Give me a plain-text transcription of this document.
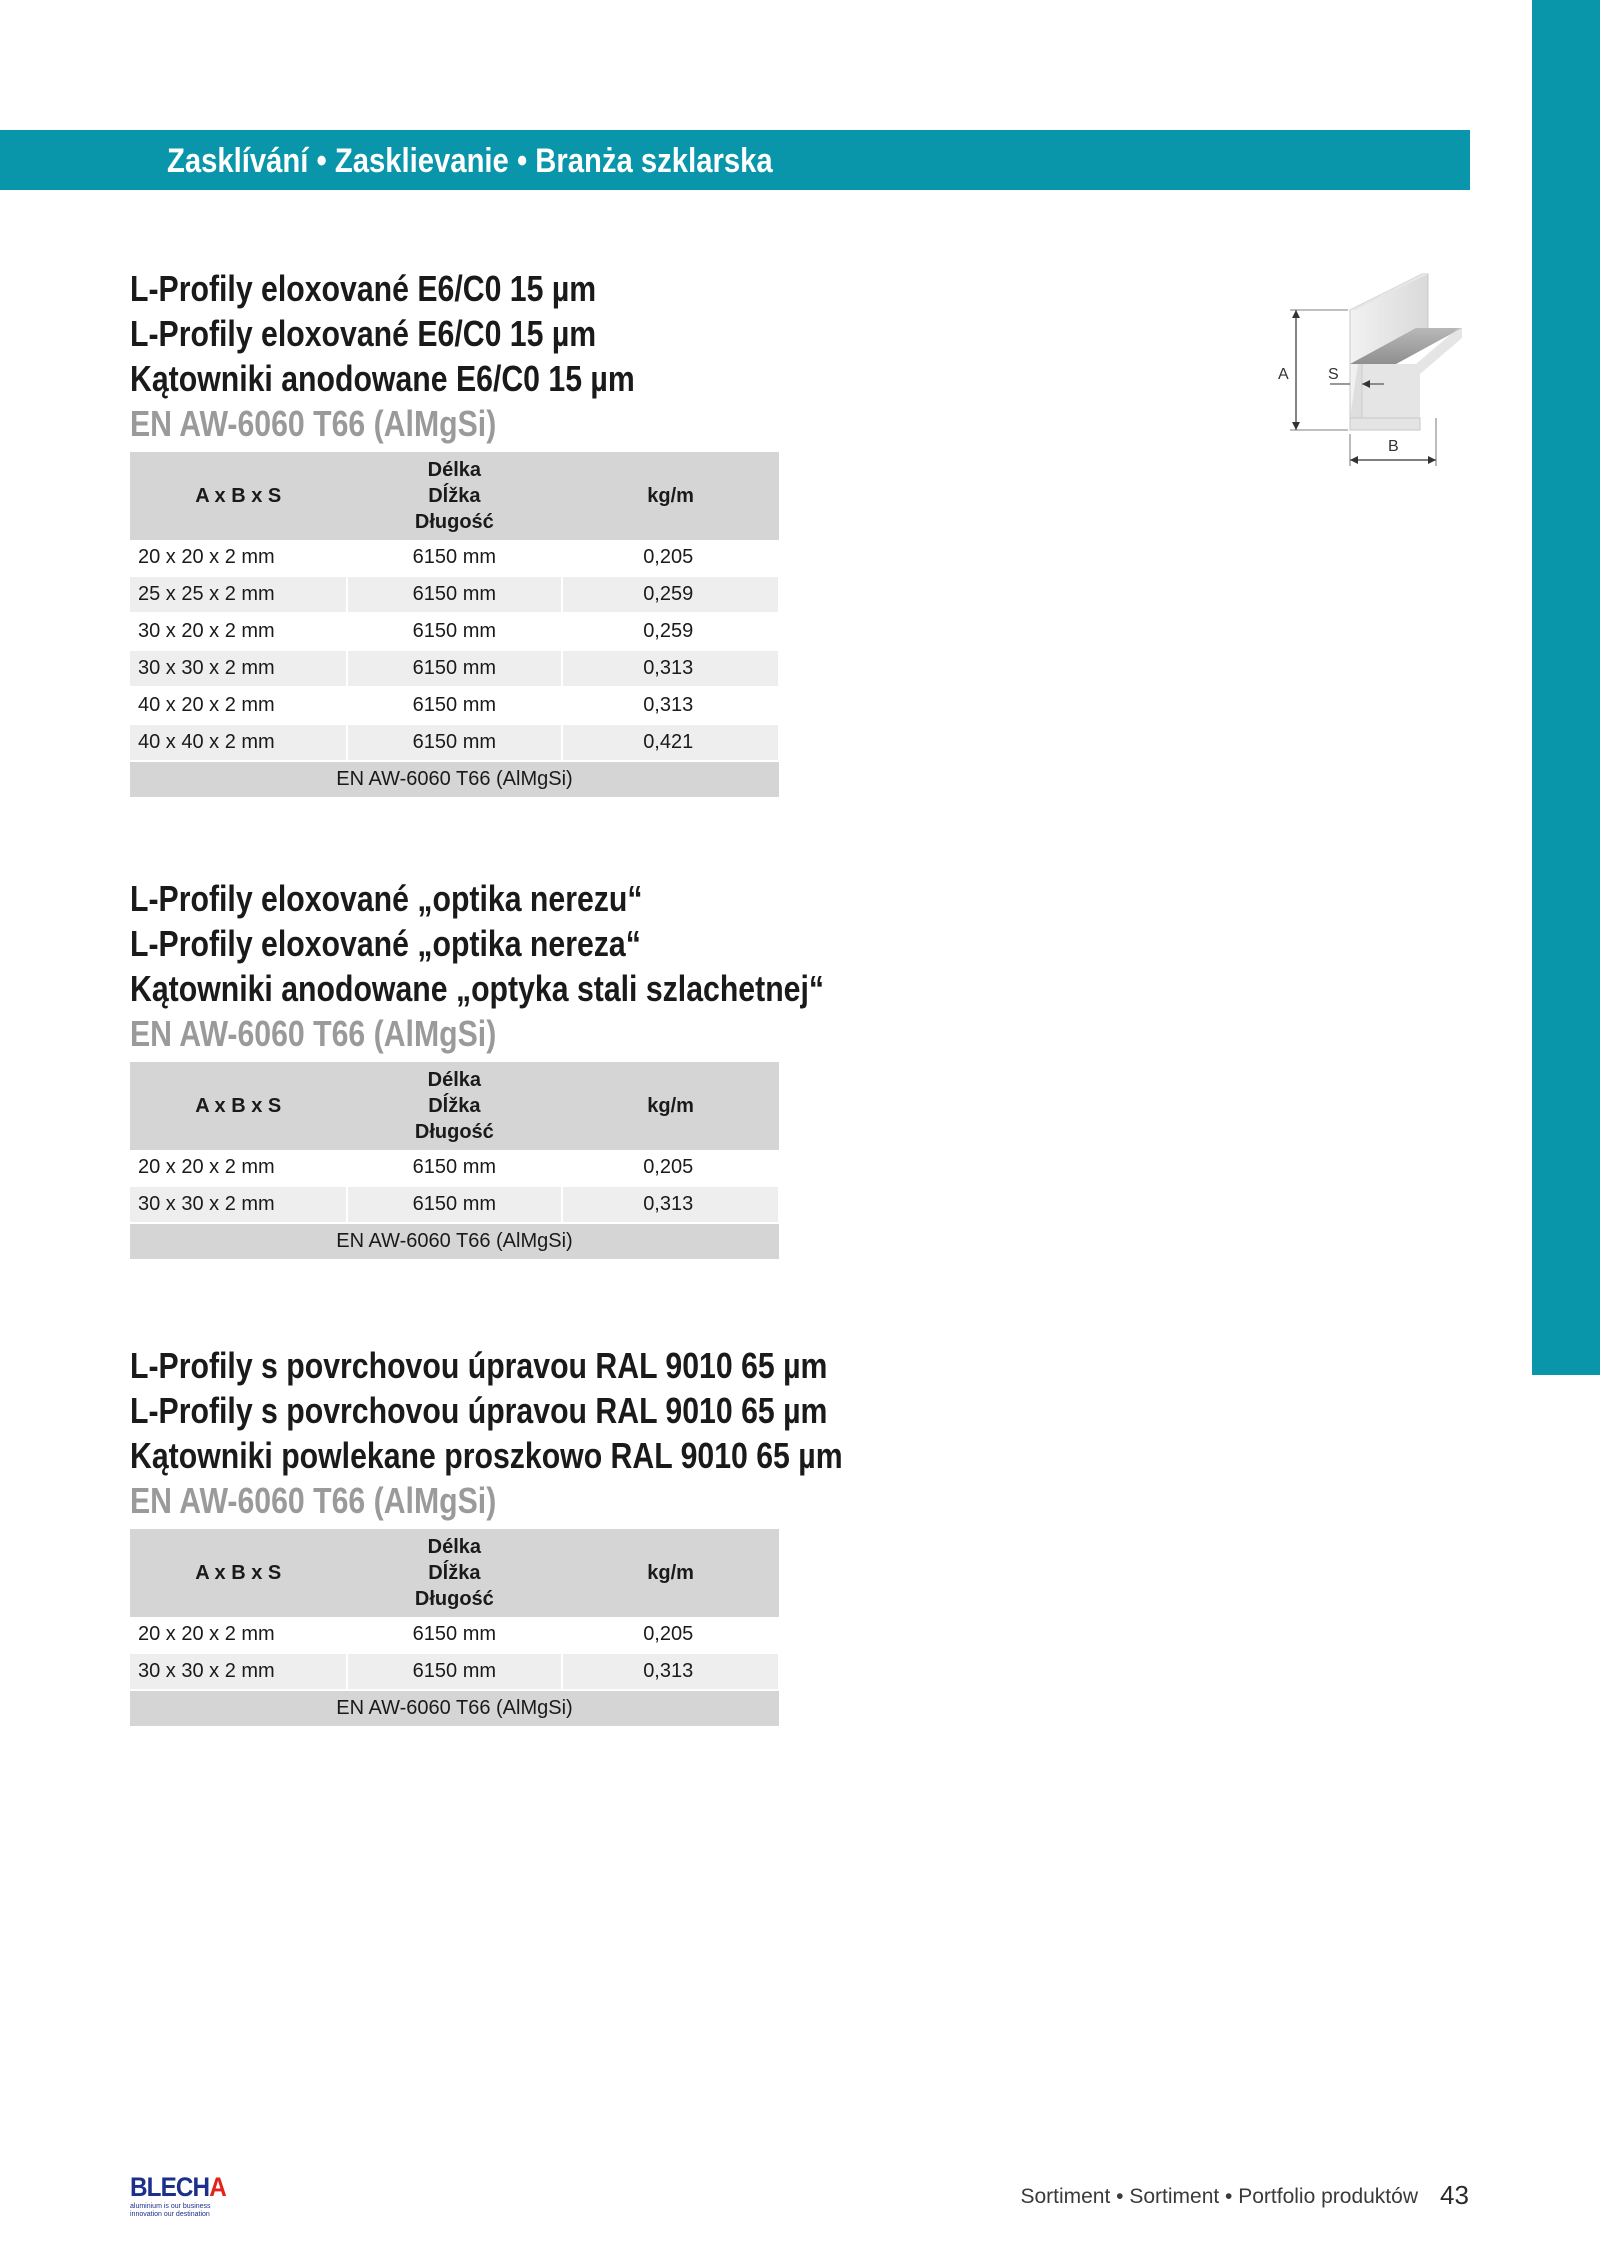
Zasklívání • Zasklievanie • Branża szklarska
L-Profily eloxované E6/C0 15 µm
L-Profily eloxované E6/C0 15 µm
Kątowniki anodowane E6/C0 15 µm
EN AW-6060 T66 (AlMgSi)
A x B x S	Délka
Dĺžka
Długość	kg/m
20 x 20 x 2 mm	6150 mm	0,205
25 x 25 x 2 mm	6150 mm	0,259
30 x 20 x 2 mm	6150 mm	0,259
30 x 30 x 2 mm	6150 mm	0,313
40 x 20 x 2 mm	6150 mm	0,313
40 x 40 x 2 mm	6150 mm	0,421
EN AW-6060 T66 (AlMgSi)		
L-Profily eloxované „optika nerezu“
L-Profily eloxované „optika nereza“
Kątowniki anodowane „optyka stali szlachetnej“
EN AW-6060 T66 (AlMgSi)
A x B x S	Délka
Dĺžka
Długość	kg/m
20 x 20 x 2 mm	6150 mm	0,205
30 x 30 x 2 mm	6150 mm	0,313
EN AW-6060 T66 (AlMgSi)		
L-Profily s povrchovou úpravou RAL 9010 65 µm
L-Profily s povrchovou úpravou RAL 9010 65 µm
Kątowniki powlekane proszkowo RAL 9010 65 µm
EN AW-6060 T66 (AlMgSi)
A x B x S	Délka
Dĺžka
Długość	kg/m
20 x 20 x 2 mm	6150 mm	0,205
30 x 30 x 2 mm	6150 mm	0,313
EN AW-6060 T66 (AlMgSi)		
A S
B
BLECHA
aluminium is our business innovation our destination
Sortiment • Sortiment • Portfolio produktów 43
